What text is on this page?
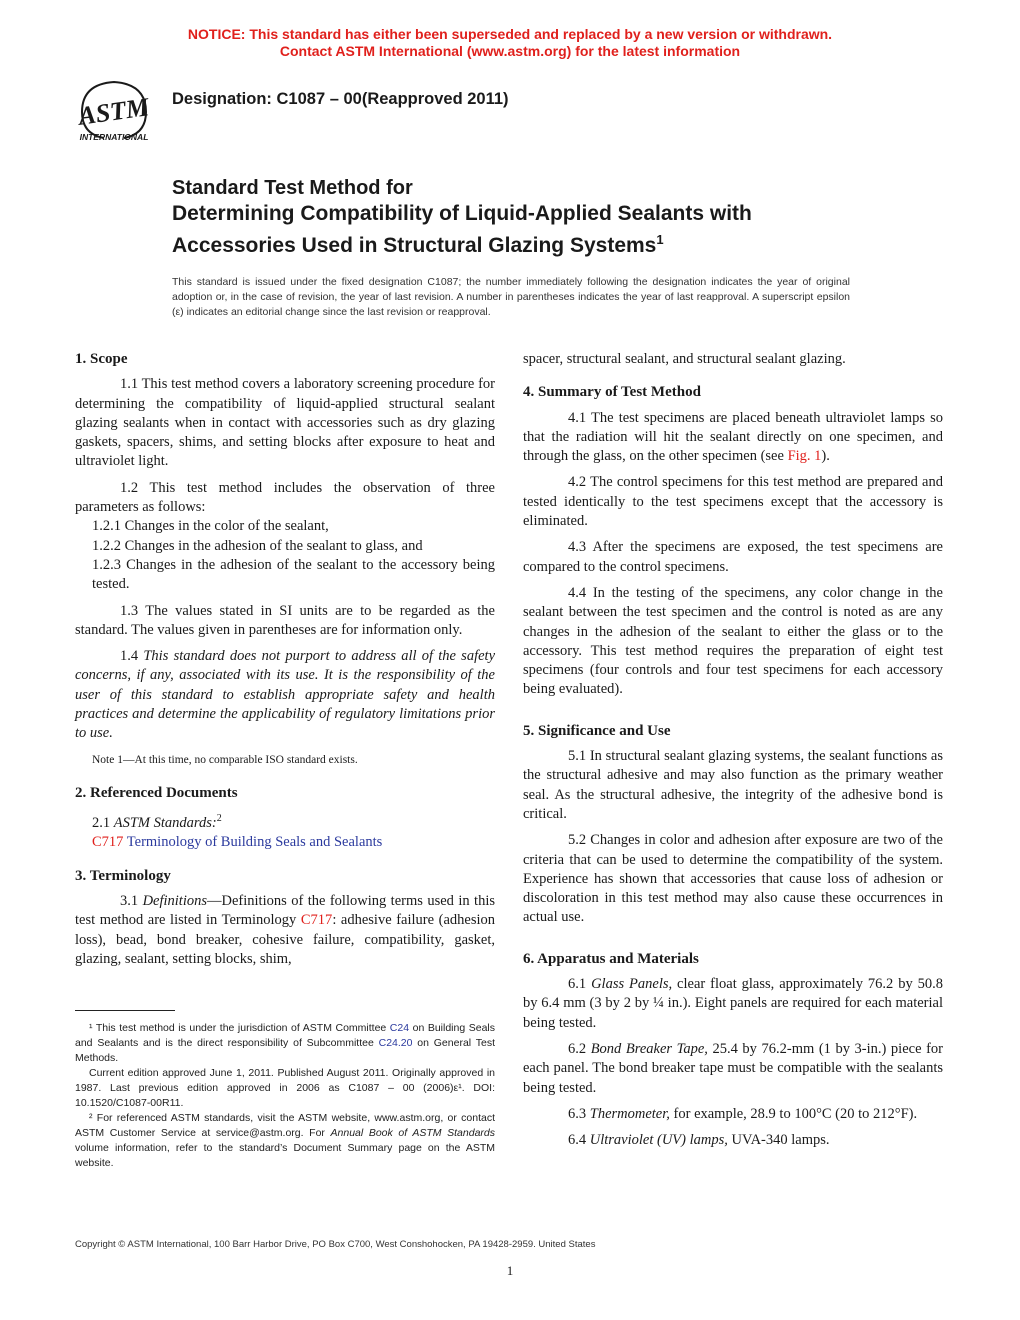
NOTICE: This standard has either been superseded and replaced by a new version or withdrawn.
Contact ASTM International (www.astm.org) for the latest information
ASTM
INTERNATIONAL
Designation: C1087 – 00(Reapproved 2011)
Standard Test Method for
Determining Compatibility of Liquid-Applied Sealants with
Accessories Used in Structural Glazing Systems$^1$
This standard is issued under the fixed designation C1087; the number immediately following the designation indicates the year of original adoption or, in the case of revision, the year of last revision. A number in parentheses indicates the year of last reapproval. A superscript epsilon (ε) indicates an editorial change since the last revision or reapproval.
1. Scope

1.1 This test method covers a laboratory screening procedure for determining the compatibility of liquid-applied structural sealant glazing sealants when in contact with accessories such as dry glazing gaskets, spacers, shims, and setting blocks after exposure to heat and ultraviolet light.

1.2 This test method includes the observation of three parameters as follows:

1.2.1 Changes in the color of the sealant,

1.2.2 Changes in the adhesion of the sealant to glass, and

1.2.3 Changes in the adhesion of the sealant to the accessory being tested.

1.3 The values stated in SI units are to be regarded as the standard. The values given in parentheses are for information only.

1.4 This standard does not purport to address all of the safety concerns, if any, associated with its use. It is the responsibility of the user of this standard to establish appropriate safety and health practices and determine the applicability of regulatory limitations prior to use.

Note 1—At this time, no comparable ISO standard exists.

2. Referenced Documents

2.1 ASTM Standards:$^2$

C717 Terminology of Building Seals and Sealants

3. Terminology

3.1 Definitions—Definitions of the following terms used in this test method are listed in Terminology C717: adhesive failure (adhesion loss), bead, bond breaker, cohesive failure, compatibility, gasket, glazing, sealant, setting blocks, shim,

¹ This test method is under the jurisdiction of ASTM Committee C24 on Building Seals and Sealants and is the direct responsibility of Subcommittee C24.20 on General Test Methods.

Current edition approved June 1, 2011. Published August 2011. Originally approved in 1987. Last previous edition approved in 2006 as C1087 – 00 (2006)ε¹. DOI: 10.1520/C1087-00R11.

² For referenced ASTM standards, visit the ASTM website, www.astm.org, or contact ASTM Customer Service at service@astm.org. For Annual Book of ASTM Standards volume information, refer to the standard’s Document Summary page on the ASTM website.

spacer, structural sealant, and structural sealant glazing.

4. Summary of Test Method

4.1 The test specimens are placed beneath ultraviolet lamps so that the radiation will hit the sealant directly on one specimen, and through the glass, on the other specimen (see Fig. 1).

4.2 The control specimens for this test method are prepared and tested identically to the test specimens except that the accessory is eliminated.

4.3 After the specimens are exposed, the test specimens are compared to the control specimens.

4.4 In the testing of the specimens, any color change in the sealant between the test specimen and the control is noted as are any changes in the adhesion of the sealant to either the glass or to the accessory. This test method requires the preparation of eight test specimens (four controls and four test specimens for each accessory being evaluated).

5. Significance and Use

5.1 In structural sealant glazing systems, the sealant functions as the structural adhesive and may also function as the primary weather seal. As the structural adhesive, the integrity of the adhesive bond is critical.

5.2 Changes in color and adhesion after exposure are two of the criteria that can be used to determine the compatibility of the system. Experience has shown that accessories that cause loss of adhesion or discoloration in this test method may also cause these occurrences in actual use.

6. Apparatus and Materials

6.1 Glass Panels, clear float glass, approximately 76.2 by 50.8 by 6.4 mm (3 by 2 by ¼ in.). Eight panels are required for each material being tested.

6.2 Bond Breaker Tape, 25.4 by 76.2-mm (1 by 3-in.) piece for each panel. The bond breaker tape must be compatible with the sealants being tested.

6.3 Thermometer, for example, 28.9 to 100°C (20 to 212°F).

6.4 Ultraviolet (UV) lamps, UVA-340 lamps.

Copyright © ASTM International, 100 Barr Harbor Drive, PO Box C700, West Conshohocken, PA 19428-2959. United States
1
